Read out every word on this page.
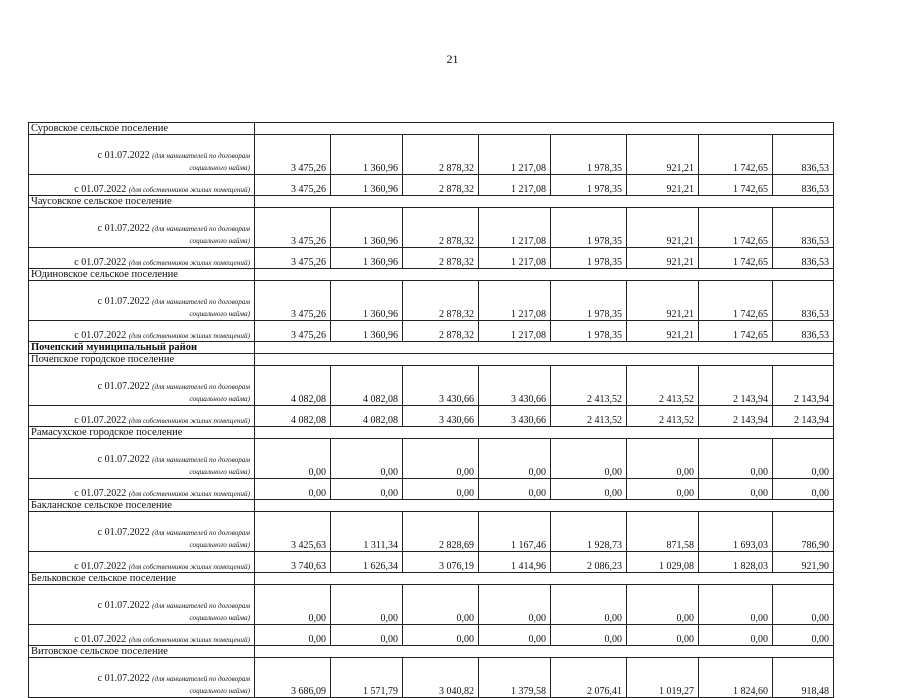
21
Суровское сельское поселение								

с 01.07.2022 (для нанимателей по договорам
социального найма)	3 475,26	1 360,96	2 878,32	1 217,08	1 978,35	921,21	1 742,65	836,53
с 01.07.2022 (для собственников жилых помещений)	3 475,26	1 360,96	2 878,32	1 217,08	1 978,35	921,21	1 742,65	836,53
Чаусовское сельское поселение								

с 01.07.2022 (для нанимателей по договорам
социального найма)	3 475,26	1 360,96	2 878,32	1 217,08	1 978,35	921,21	1 742,65	836,53
с 01.07.2022 (для собственников жилых помещений)	3 475,26	1 360,96	2 878,32	1 217,08	1 978,35	921,21	1 742,65	836,53
Юдиновское сельское поселение								

с 01.07.2022 (для нанимателей по договорам
социального найма)	3 475,26	1 360,96	2 878,32	1 217,08	1 978,35	921,21	1 742,65	836,53
с 01.07.2022 (для собственников жилых помещений)	3 475,26	1 360,96	2 878,32	1 217,08	1 978,35	921,21	1 742,65	836,53
Почепский муниципальный район								
Почепское городское поселение								

с 01.07.2022 (для нанимателей по договорам
социального найма)	4 082,08	4 082,08	3 430,66	3 430,66	2 413,52	2 413,52	2 143,94	2 143,94
с 01.07.2022 (для собственников жилых помещений)	4 082,08	4 082,08	3 430,66	3 430,66	2 413,52	2 413,52	2 143,94	2 143,94
Рамасухское городское поселение								

с 01.07.2022 (для нанимателей по договорам
социального найма)	0,00	0,00	0,00	0,00	0,00	0,00	0,00	0,00
с 01.07.2022 (для собственников жилых помещений)	0,00	0,00	0,00	0,00	0,00	0,00	0,00	0,00
Бакланское сельское поселение								

с 01.07.2022 (для нанимателей по договорам
социального найма)	3 425,63	1 311,34	2 828,69	1 167,46	1 928,73	871,58	1 693,03	786,90
с 01.07.2022 (для собственников жилых помещений)	3 740,63	1 626,34	3 076,19	1 414,96	2 086,23	1 029,08	1 828,03	921,90
Бельковское сельское поселение								

с 01.07.2022 (для нанимателей по договорам
социального найма)	0,00	0,00	0,00	0,00	0,00	0,00	0,00	0,00
с 01.07.2022 (для собственников жилых помещений)	0,00	0,00	0,00	0,00	0,00	0,00	0,00	0,00
Витовское сельское поселение								

с 01.07.2022 (для нанимателей по договорам
социального найма)	3 686,09	1 571,79	3 040,82	1 379,58	2 076,41	1 019,27	1 824,60	918,48
